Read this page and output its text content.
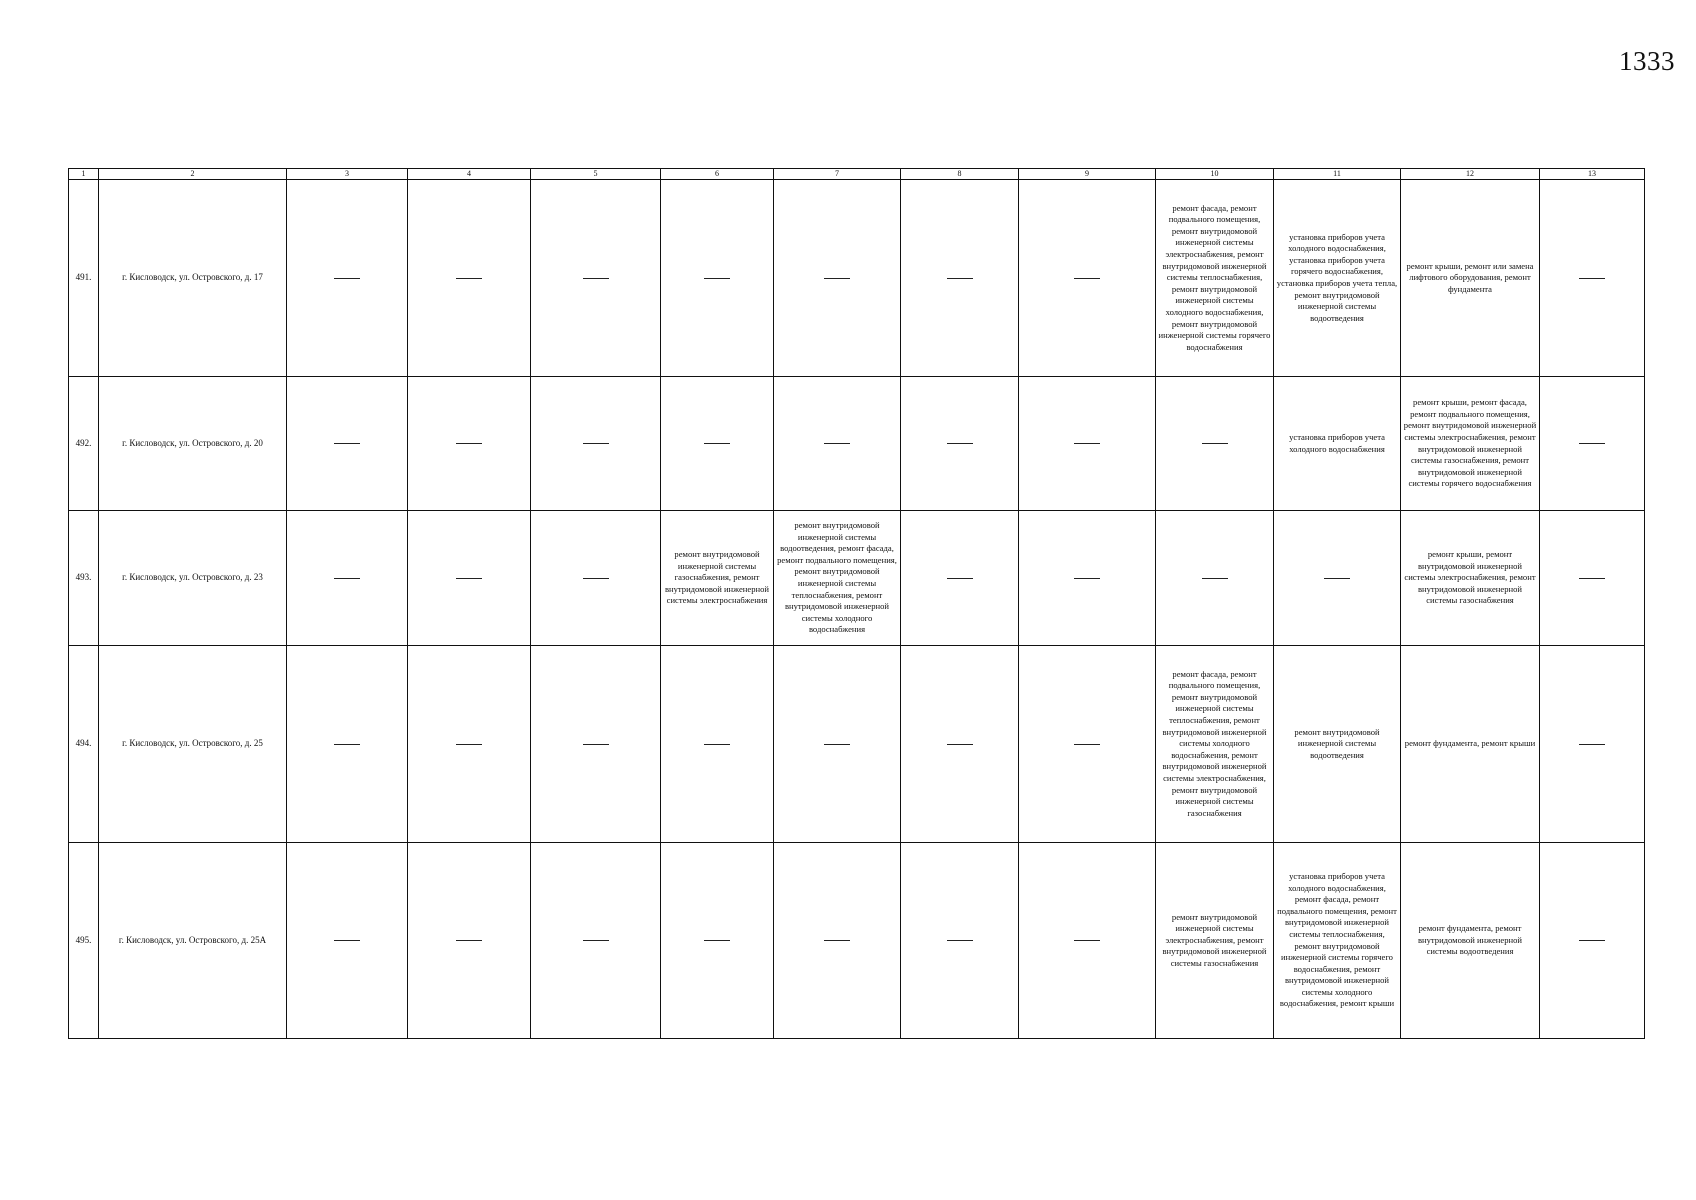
1333
1	2	3	4	5	6	7	8	9	10	11	12	13
491.	г. Кисловодск, ул. Островского, д. 17								ремонт фасада, ремонт подвального помещения, ремонт внутридомовой инженерной системы электроснабжения, ремонт внутридомовой инженерной системы теплоснабжения, ремонт внутридомовой инженерной системы холодного водоснабжения, ремонт внутридомовой инженерной системы горячего водоснабжения	установка приборов учета холодного водоснабжения, установка приборов учета горячего водоснабжения, установка приборов учета тепла, ремонт внутридомовой инженерной системы водоотведения	ремонт крыши, ремонт или замена лифтового оборудования, ремонт фундамента	

492.	г. Кисловодск, ул. Островского, д. 20									установка приборов учета холодного водоснабжения	ремонт крыши, ремонт фасада, ремонт подвального помещения, ремонт внутридомовой инженерной системы электроснабжения, ремонт внутридомовой инженерной системы газоснабжения, ремонт внутридомовой инженерной системы горячего водоснабжения	

493.	г. Кисловодск, ул. Островского, д. 23				ремонт внутридомовой инженерной системы газоснабжения, ремонт внутридомовой инженерной системы электроснабжения	ремонт внутридомовой инженерной системы водоотведения, ремонт фасада, ремонт подвального помещения, ремонт внутридомовой инженерной системы теплоснабжения, ремонт внутридомовой инженерной системы холодного водоснабжения					ремонт крыши, ремонт внутридомовой инженерной системы электроснабжения, ремонт внутридомовой инженерной системы газоснабжения	

494.	г. Кисловодск, ул. Островского, д. 25								ремонт фасада, ремонт подвального помещения, ремонт внутридомовой инженерной системы теплоснабжения, ремонт внутридомовой инженерной системы холодного водоснабжения, ремонт внутридомовой инженерной системы электроснабжения, ремонт внутридомовой инженерной системы газоснабжения	ремонт внутридомовой инженерной системы водоотведения	ремонт фундамента, ремонт крыши	

495.	г. Кисловодск, ул. Островского, д. 25А								ремонт внутридомовой инженерной системы электроснабжения, ремонт внутридомовой инженерной системы газоснабжения	установка приборов учета холодного водоснабжения, ремонт фасада, ремонт подвального помещения, ремонт внутридомовой инженерной системы теплоснабжения, ремонт внутридомовой инженерной системы горячего водоснабжения, ремонт внутридомовой инженерной системы холодного водоснабжения, ремонт крыши	ремонт фундамента, ремонт внутридомовой инженерной системы водоотведения	
